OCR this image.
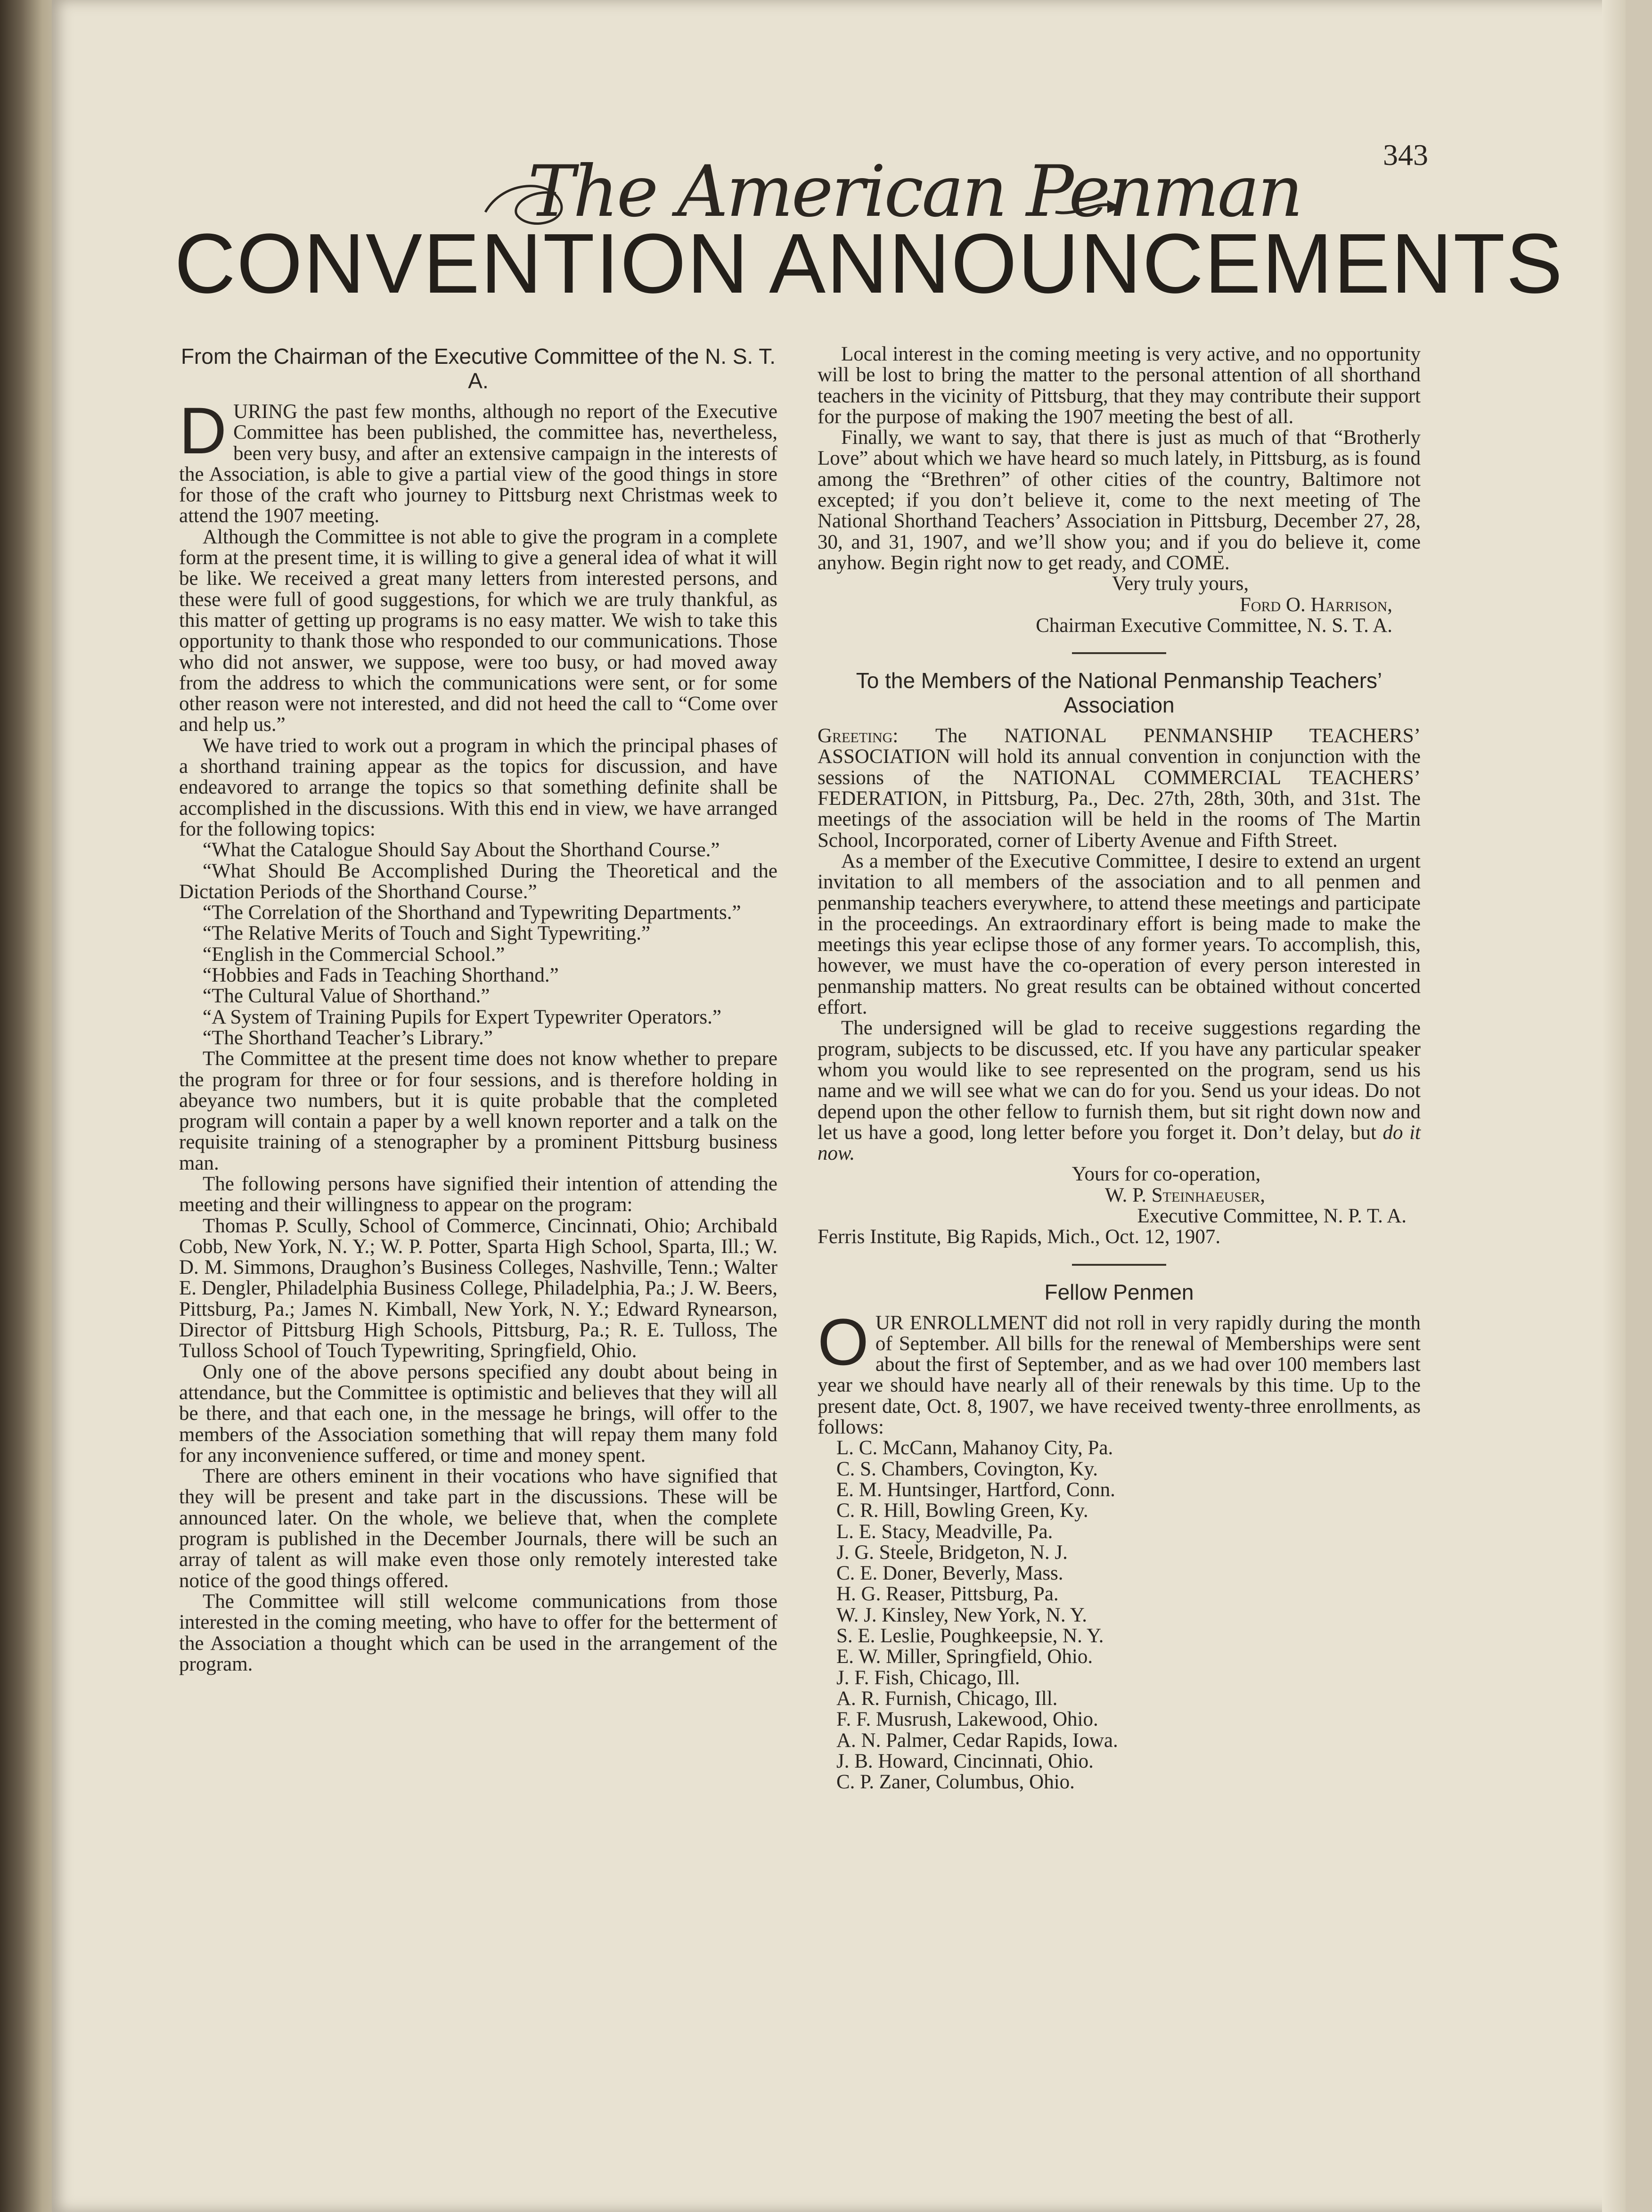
The American Penman	343
CONVENTION ANNOUNCEMENTS
From the Chairman of the Executive Committee of the N. S. T. A.

DURING the past few months, although no report of the Executive Committee has been published, the committee has, nevertheless, been very busy, and after an extensive campaign in the interests of the Association, is able to give a partial view of the good things in store for those of the craft who journey to Pittsburg next Christmas week to attend the 1907 meeting.

Although the Committee is not able to give the program in a complete form at the present time, it is willing to give a general idea of what it will be like. We received a great many letters from interested persons, and these were full of good suggestions, for which we are truly thankful, as this matter of getting up programs is no easy matter. We wish to take this opportunity to thank those who responded to our communications. Those who did not answer, we suppose, were too busy, or had moved away from the address to which the communications were sent, or for some other reason were not interested, and did not heed the call to “Come over and help us.”

We have tried to work out a program in which the principal phases of a shorthand training appear as the topics for discussion, and have endeavored to arrange the topics so that something definite shall be accomplished in the discussions. With this end in view, we have arranged for the following topics:

“What the Catalogue Should Say About the Shorthand Course.”

“What Should Be Accomplished During the Theoretical and the Dictation Periods of the Shorthand Course.”

“The Correlation of the Shorthand and Typewriting Departments.”

“The Relative Merits of Touch and Sight Typewriting.”

“English in the Commercial School.”

“Hobbies and Fads in Teaching Shorthand.”

“The Cultural Value of Shorthand.”

“A System of Training Pupils for Expert Typewriter Operators.”

“The Shorthand Teacher’s Library.”

The Committee at the present time does not know whether to prepare the program for three or for four sessions, and is therefore holding in abeyance two numbers, but it is quite probable that the completed program will contain a paper by a well known reporter and a talk on the requisite training of a stenographer by a prominent Pittsburg business man.

The following persons have signified their intention of attending the meeting and their willingness to appear on the program:

Thomas P. Scully, School of Commerce, Cincinnati, Ohio; Archibald Cobb, New York, N. Y.; W. P. Potter, Sparta High School, Sparta, Ill.; W. D. M. Simmons, Draughon’s Business Colleges, Nashville, Tenn.; Walter E. Dengler, Philadelphia Business College, Philadelphia, Pa.; J. W. Beers, Pittsburg, Pa.; James N. Kimball, New York, N. Y.; Edward Rynearson, Director of Pittsburg High Schools, Pittsburg, Pa.; R. E. Tulloss, The Tulloss School of Touch Typewriting, Springfield, Ohio.

Only one of the above persons specified any doubt about being in attendance, but the Committee is optimistic and believes that they will all be there, and that each one, in the message he brings, will offer to the members of the Association something that will repay them many fold for any inconvenience suffered, or time and money spent.

There are others eminent in their vocations who have signified that they will be present and take part in the discussions. These will be announced later. On the whole, we believe that, when the complete program is published in the December Journals, there will be such an array of talent as will make even those only remotely interested take notice of the good things offered.

The Committee will still welcome communications from those interested in the coming meeting, who have to offer for the betterment of the Association a thought which can be used in the arrangement of the program.

Local interest in the coming meeting is very active, and no opportunity will be lost to bring the matter to the personal attention of all shorthand teachers in the vicinity of Pittsburg, that they may contribute their support for the purpose of making the 1907 meeting the best of all.

Finally, we want to say, that there is just as much of that “Brotherly Love” about which we have heard so much lately, in Pittsburg, as is found among the “Brethren” of other cities of the country, Baltimore not excepted; if you don’t believe it, come to the next meeting of The National Shorthand Teachers’ Association in Pittsburg, December 27, 28, 30, and 31, 1907, and we’ll show you; and if you do believe it, come anyhow. Begin right now to get ready, and COME.

Very truly yours,

Ford O. Harrison,

Chairman Executive Committee, N. S. T. A.

To the Members of the National Penmanship Teachers’ Association

Greeting: The NATIONAL PENMANSHIP TEACHERS’ ASSOCIATION will hold its annual convention in conjunction with the sessions of the NATIONAL COMMERCIAL TEACHERS’ FEDERATION, in Pittsburg, Pa., Dec. 27th, 28th, 30th, and 31st. The meetings of the association will be held in the rooms of The Martin School, Incorporated, corner of Liberty Avenue and Fifth Street.

As a member of the Executive Committee, I desire to extend an urgent invitation to all members of the association and to all penmen and penmanship teachers everywhere, to attend these meetings and participate in the proceedings. An extraordinary effort is being made to make the meetings this year eclipse those of any former years. To accomplish, this, however, we must have the co-operation of every person interested in penmanship matters. No great results can be obtained without concerted effort.

The undersigned will be glad to receive suggestions regarding the program, subjects to be discussed, etc. If you have any particular speaker whom you would like to see represented on the program, send us his name and we will see what we can do for you. Send us your ideas. Do not depend upon the other fellow to furnish them, but sit right down now and let us have a good, long letter before you forget it. Don’t delay, but do it now.

Yours for co-operation,

W. P. Steinhaeuser,

Executive Committee, N. P. T. A.

Ferris Institute, Big Rapids, Mich., Oct. 12, 1907.

Fellow Penmen

OUR ENROLLMENT did not roll in very rapidly during the month of September. All bills for the renewal of Memberships were sent about the first of September, and as we had over 100 members last year we should have nearly all of their renewals by this time. Up to the present date, Oct. 8, 1907, we have received twenty-three enrollments, as follows:

L. C. McCann, Mahanoy City, Pa.
C. S. Chambers, Covington, Ky.
E. M. Huntsinger, Hartford, Conn.
C. R. Hill, Bowling Green, Ky.
L. E. Stacy, Meadville, Pa.
J. G. Steele, Bridgeton, N. J.
C. E. Doner, Beverly, Mass.
H. G. Reaser, Pittsburg, Pa.
W. J. Kinsley, New York, N. Y.
S. E. Leslie, Poughkeepsie, N. Y.
E. W. Miller, Springfield, Ohio.
J. F. Fish, Chicago, Ill.
A. R. Furnish, Chicago, Ill.
F. F. Musrush, Lakewood, Ohio.
A. N. Palmer, Cedar Rapids, Iowa.
J. B. Howard, Cincinnati, Ohio.
C. P. Zaner, Columbus, Ohio.
